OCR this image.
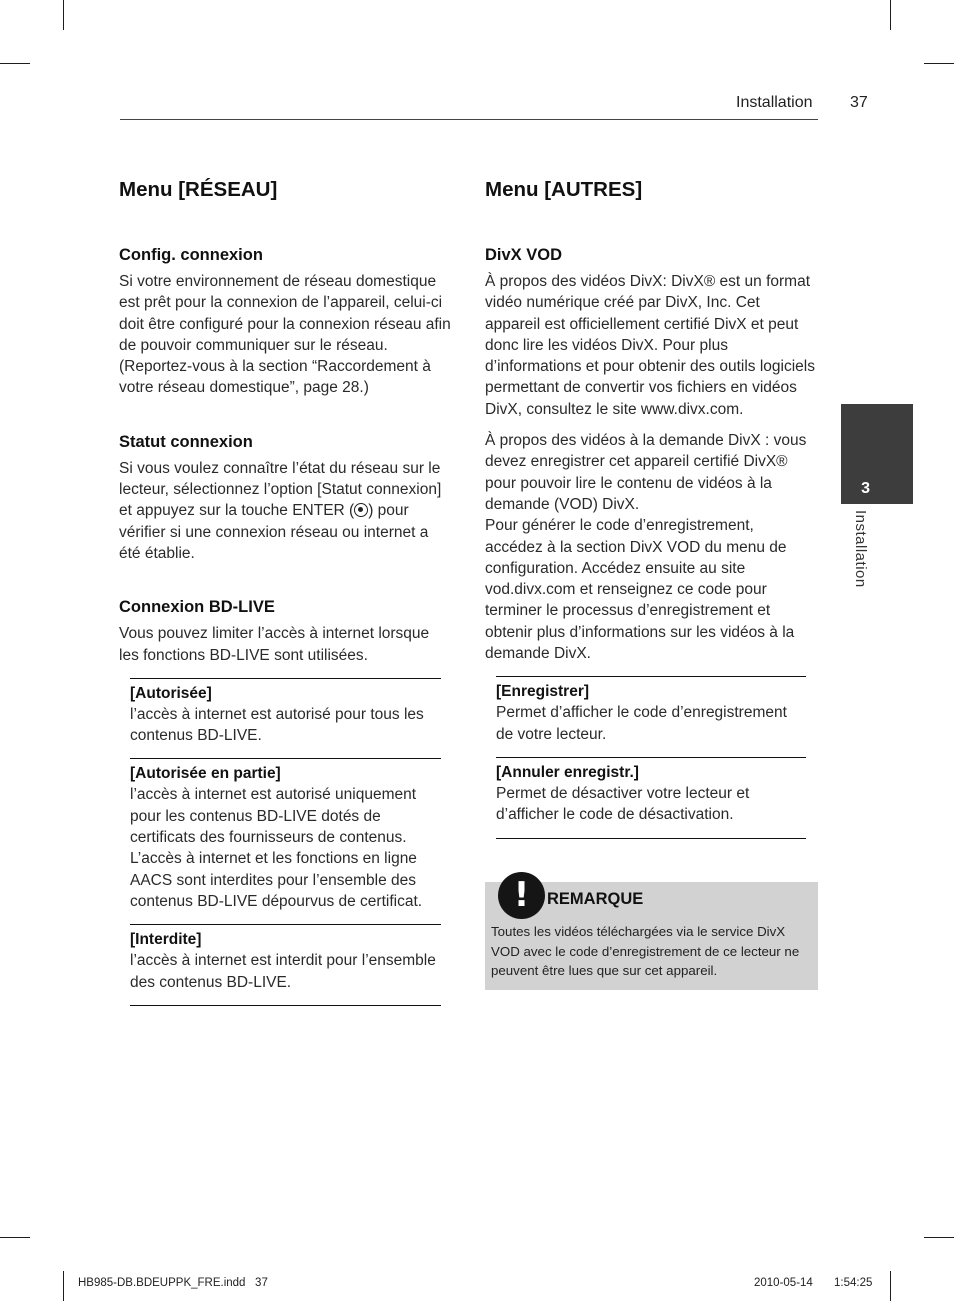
Installation 37
Menu [RÉSEAU]
Config. connexion

Si votre environnement de réseau domestique est prêt pour la connexion de l’appareil, celui-ci doit être configuré pour la connexion réseau afin de pouvoir communiquer sur le réseau. (Reportez-vous à la section “Raccordement à votre réseau domestique”, page 28.)

Statut connexion

Si vous voulez connaître l’état du réseau sur le lecteur, sélectionnez l’option [Statut connexion] et appuyez sur la touche ENTER ( ) pour vérifier si une connexion réseau ou internet a été établie.

Connexion BD-LIVE

Vous pouvez limiter l’accès à internet lorsque les fonctions BD-LIVE sont utilisées.

[Autorisée]
l’accès à internet est autorisé pour tous les contenus BD-LIVE.
[Autorisée en partie]
l’accès à internet est autorisé uniquement pour les contenus BD-LIVE dotés de certificats des fournisseurs de contenus. L’accès à internet et les fonctions en ligne AACS sont interdites pour l’ensemble des contenus BD-LIVE dépourvus de certificat.
[Interdite]
l’accès à internet est interdit pour l’ensemble des contenus BD-LIVE.
Menu [AUTRES]
DivX VOD

À propos des vidéos DivX: DivX® est un format vidéo numérique créé par DivX, Inc. Cet appareil est officiellement certifié DivX et peut donc lire les vidéos DivX. Pour plus d’informations et pour obtenir des outils logiciels permettant de convertir vos fichiers en vidéos DivX, consultez le site www.divx.com.

À propos des vidéos à la demande DivX : vous devez enregistrer cet appareil certifié DivX® pour pouvoir lire le contenu de vidéos à la demande (VOD) DivX.

Pour générer le code d’enregistrement, accédez à la section DivX VOD du menu de configuration. Accédez ensuite au site vod.divx.com et renseignez ce code pour terminer le processus d’enregistrement et obtenir plus d’informations sur les vidéos à la demande DivX.

[Enregistrer]
Permet d’afficher le code d’enregistrement de votre lecteur.
[Annuler enregistr.]
Permet de désactiver votre lecteur et d’afficher le code de désactivation.
!	REMARQUE
Toutes les vidéos téléchargées via le service DivX VOD avec le code d’enregistrement de ce lecteur ne peuvent être lues que sur cet appareil.
3
Installation
HB985-DB.BDEUPPK_FRE.indd   37	2010-05-14 1:54:25
